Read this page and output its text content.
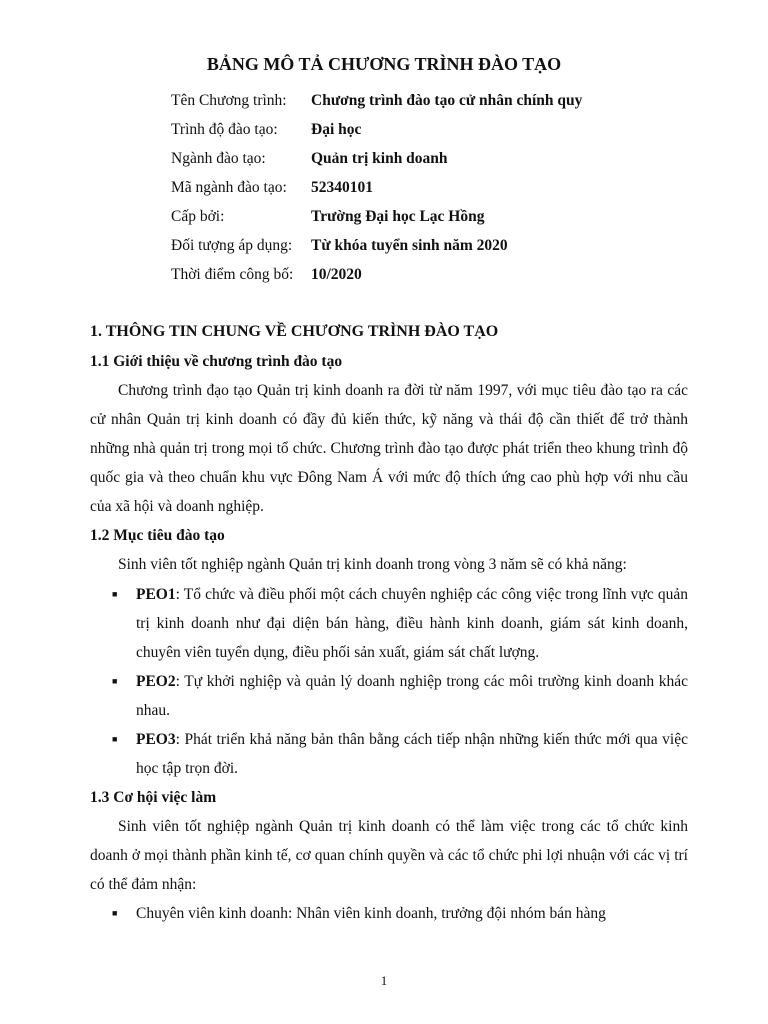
BẢNG MÔ TẢ CHƯƠNG TRÌNH ĐÀO TẠO
Tên Chương trình: Chương trình đào tạo cử nhân chính quy
Trình độ đào tạo: Đại học
Ngành đào tạo:	Quản trị kinh doanh
Mã ngành đào tạo: 52340101
Cấp bởi:	Trường Đại học Lạc Hồng
Đối tượng áp dụng: Từ khóa tuyển sinh năm 2020
Thời điểm công bố: 10/2020
1. THÔNG TIN CHUNG VỀ CHƯƠNG TRÌNH ĐÀO TẠO
1.1 Giới thiệu về chương trình đào tạo
Chương trình đạo tạo Quản trị kinh doanh ra đời từ năm 1997, với mục tiêu đào tạo ra các cử nhân Quản trị kinh doanh có đầy đủ kiến thức, kỹ năng và thái độ cần thiết để trở thành những nhà quản trị trong mọi tổ chức. Chương trình đào tạo được phát triển theo khung trình độ quốc gia và theo chuẩn khu vực Đông Nam Á với mức độ thích ứng cao phù hợp với nhu cầu của xã hội và doanh nghiệp.
1.2 Mục tiêu đào tạo
Sinh viên tốt nghiệp ngành Quản trị kinh doanh trong vòng 3 năm sẽ có khả năng:
■ PEO1: Tổ chức và điều phối một cách chuyên nghiệp các công việc trong lĩnh vực quản trị kinh doanh như đại diện bán hàng, điều hành kinh doanh, giám sát kinh doanh, chuyên viên tuyển dụng, điều phối sản xuất, giám sát chất lượng.
■ PEO2: Tự khởi nghiệp và quản lý doanh nghiệp trong các môi trường kinh doanh khác nhau.
■ PEO3: Phát triển khả năng bản thân bằng cách tiếp nhận những kiến thức mới qua việc học tập trọn đời.
1.3 Cơ hội việc làm
Sinh viên tốt nghiệp ngành Quản trị kinh doanh có thể làm việc trong các tổ chức kinh doanh ở mọi thành phần kinh tế, cơ quan chính quyền và các tổ chức phi lợi nhuận với các vị trí có thể đảm nhận:
■ Chuyên viên kinh doanh: Nhân viên kinh doanh, trưởng đội nhóm bán hàng
1
